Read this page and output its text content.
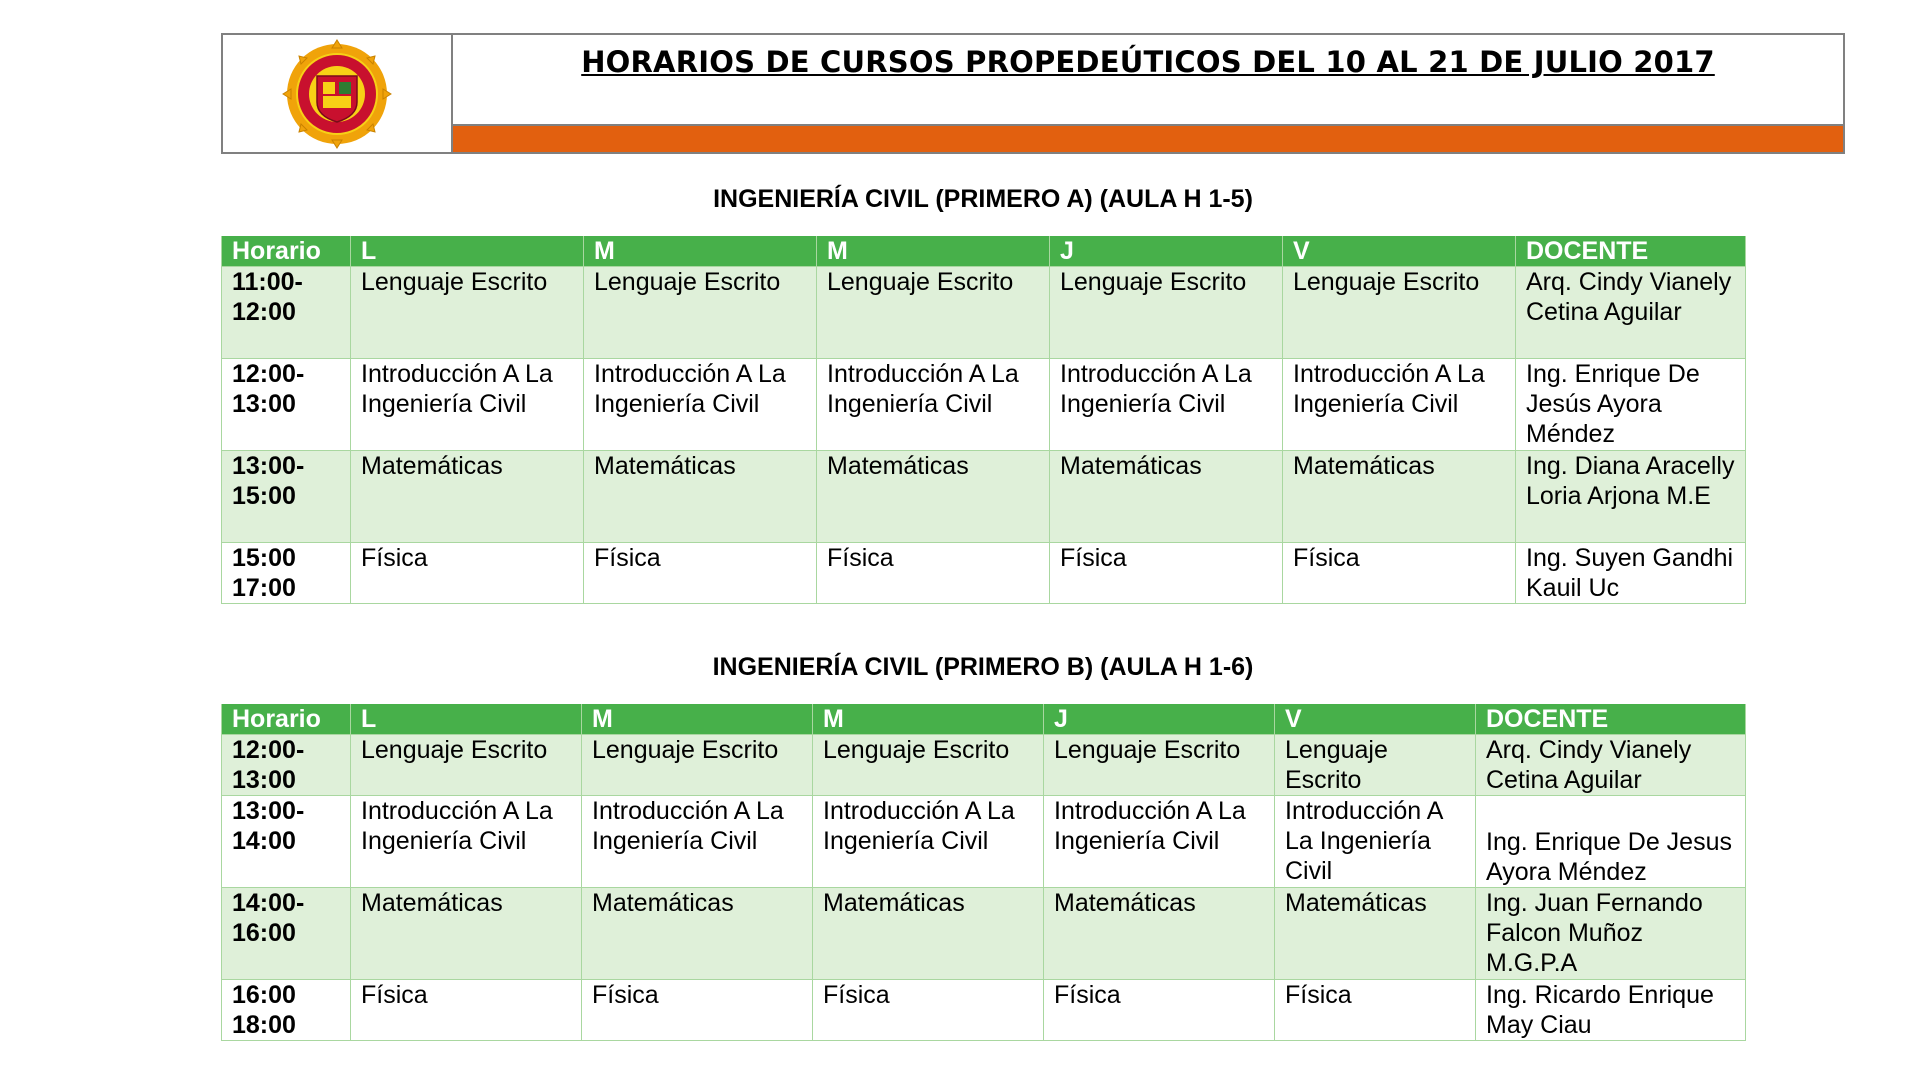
HORARIOS DE CURSOS PROPEDEÚTICOS DEL 10 AL 21 DE JULIO 2017
INGENIERÍA CIVIL (PRIMERO A) (AULA H 1-5)
Horario	L	M	M	J	V	DOCENTE
11:00-
12:00	Lenguaje Escrito	Lenguaje Escrito	Lenguaje Escrito	Lenguaje Escrito	Lenguaje Escrito	Arq. Cindy Vianely Cetina Aguilar
12:00-
13:00	Introducción A La Ingeniería Civil	Introducción A La Ingeniería Civil	Introducción A La Ingeniería Civil	Introducción A La Ingeniería Civil	Introducción A La Ingeniería Civil	Ing. Enrique De Jesús Ayora Méndez
13:00-
15:00	Matemáticas	Matemáticas	Matemáticas	Matemáticas	Matemáticas	Ing. Diana Aracelly Loria Arjona M.E
15:00
17:00	Física	Física	Física	Física	Física	Ing. Suyen Gandhi Kauil Uc
INGENIERÍA CIVIL (PRIMERO B) (AULA H 1-6)
Horario	L	M	M	J	V	DOCENTE
12:00-
13:00	Lenguaje Escrito	Lenguaje Escrito	Lenguaje Escrito	Lenguaje Escrito	Lenguaje Escrito	Arq. Cindy Vianely Cetina Aguilar
13:00-
14:00	Introducción A La Ingeniería Civil	Introducción A La Ingeniería Civil	Introducción A La Ingeniería Civil	Introducción A La Ingeniería Civil	Introducción A La Ingeniería Civil	Ing. Enrique De Jesus Ayora Méndez
14:00-
16:00	Matemáticas	Matemáticas	Matemáticas	Matemáticas	Matemáticas	Ing. Juan Fernando Falcon Muñoz M.G.P.A
16:00
18:00	Física	Física	Física	Física	Física	Ing. Ricardo Enrique May Ciau
